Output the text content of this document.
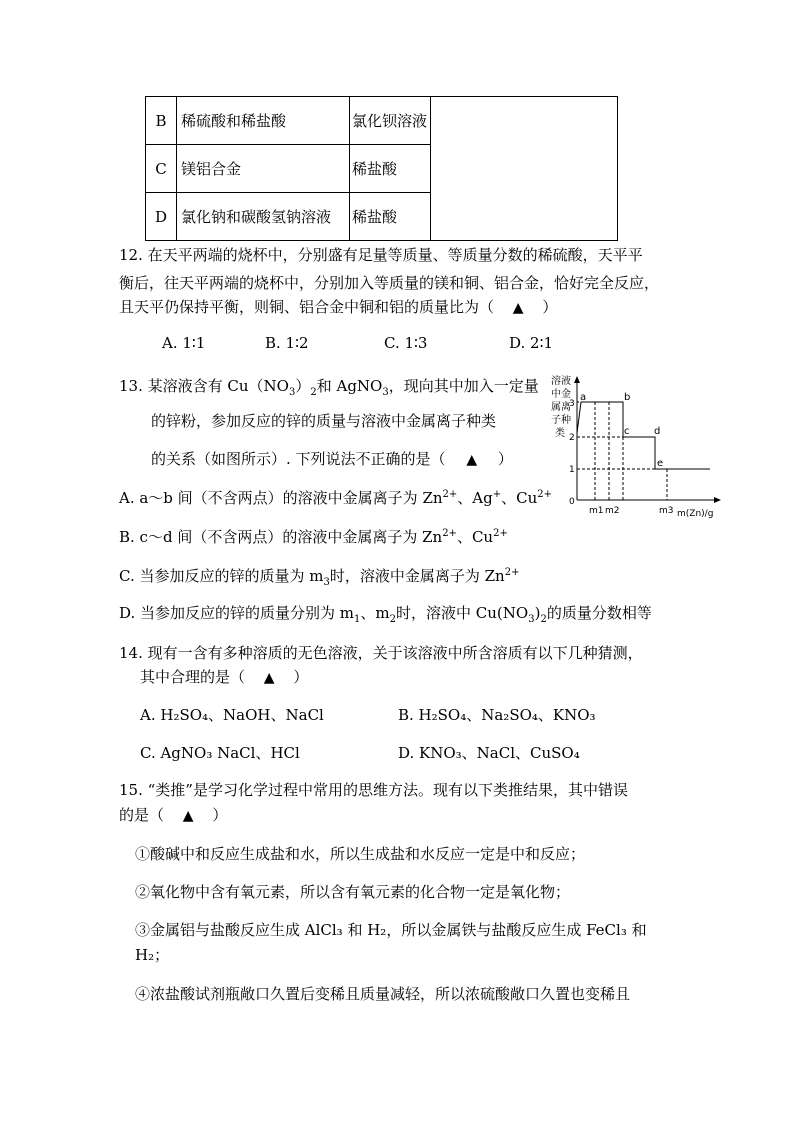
B	稀硫酸和稀盐酸	氯化钡溶液	
C	镁铝合金	稀盐酸	
D	氯化钠和碳酸氢钠溶液	稀盐酸	
12. 在天平两端的烧杯中，分别盛有足量等质量、等质量分数的稀硫酸，天平平
衡后，往天平两端的烧杯中，分别加入等质量的镁和铜、铝合金，恰好完全反应，
且天平仍保持平衡，则铜、铝合金中铜和铝的质量比为（ ▲ ）
A. 1∶1	B. 1∶2	C. 1∶3	D. 2∶1
13. 某溶液含有 $Cu(NO_3)_2$和 AgNO$_3$，现向其中加入一定量
的锌粉，参加反应的锌的质量与溶液中金属离子种类
的关系（如图所示）. 下列说法不正确的是（ ▲ ）
A. a～b 间（不含两点）的溶液中金属离子为 $Zn^{2+}$、Ag+、$Cu^{2+}$
B. c～d 间（不含两点）的溶液中金属离子为 $Zn^{2+}$、$Cu^{2+}$
C. 当参加反应的锌的质量为 $m_3$时，溶液中金属离子为 $Zn^{2+}$
D. 当参加反应的锌的质量分别为 $m_1$、$m_2$时，溶液中 $Cu(NO_3)_2$的质量分数相等
溶液
中金
属离
子种
类
3
2
1
0
a	b
c d
e
m1 m2	m3 m(Zn)/g
14. 现有一含有多种溶质的无色溶液，关于该溶液中所含溶质有以下几种猜测，
其中合理的是（ ▲ ）
A. H₂SO₄、NaOH、NaCl	B. H₂SO₄、Na₂SO₄、KNO₃
C. AgNO₃ NaCl、HCl	D. KNO₃、NaCl、CuSO₄
15. “类推”是学习化学过程中常用的思维方法。现有以下类推结果，其中错误
的是（ ▲ ）
①酸碱中和反应生成盐和水，所以生成盐和水反应一定是中和反应；
②氧化物中含有氧元素，所以含有氧元素的化合物一定是氧化物；
③金属铝与盐酸反应生成 AlCl₃ 和 H₂，所以金属铁与盐酸反应生成 FeCl₃ 和
H₂；
④浓盐酸试剂瓶敞口久置后变稀且质量减轻，所以浓硫酸敞口久置也变稀且
